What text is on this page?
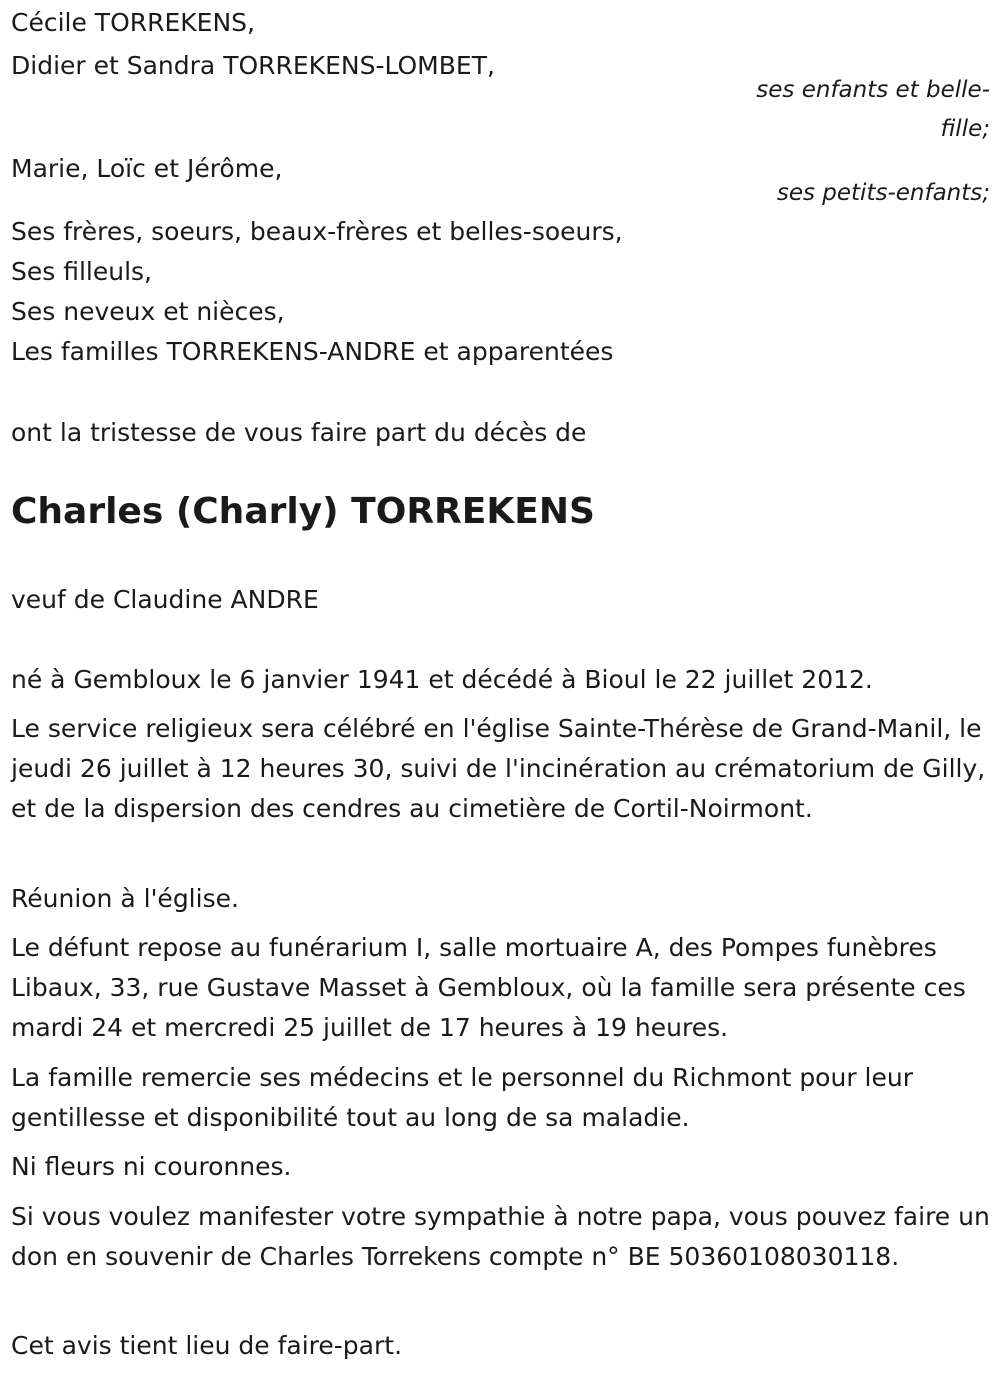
Cécile TORREKENS,
Didier et Sandra TORREKENS-LOMBET,
ses enfants et belle-
fille;
Marie, Loïc et Jérôme,
ses petits-enfants;
Ses frères, soeurs, beaux-frères et belles-soeurs,
Ses filleuls,
Ses neveux et nièces,
Les familles TORREKENS-ANDRE et apparentées
ont la tristesse de vous faire part du décès de
Charles (Charly) TORREKENS
veuf de Claudine ANDRE

né à Gembloux le 6 janvier 1941 et décédé à Bioul le 22 juillet 2012.

Le service religieux sera célébré en l'église Sainte-Thérèse de Grand-Manil, le jeudi 26 juillet à 12 heures 30, suivi de l'incinération au crématorium de Gilly, et de la dispersion des cendres au cimetière de Cortil-Noirmont.

Réunion à l'église.

Le défunt repose au funérarium I, salle mortuaire A, des Pompes funèbres Libaux, 33, rue Gustave Masset à Gembloux, où la famille sera présente ces mardi 24 et mercredi 25 juillet de 17 heures à 19 heures.

La famille remercie ses médecins et le personnel du Richmont pour leur gentillesse et disponibilité tout au long de sa maladie.

Ni fleurs ni couronnes.

Si vous voulez manifester votre sympathie à notre papa, vous pouvez faire un don en souvenir de Charles Torrekens compte n° BE 50360108030118.

Cet avis tient lieu de faire-part.
